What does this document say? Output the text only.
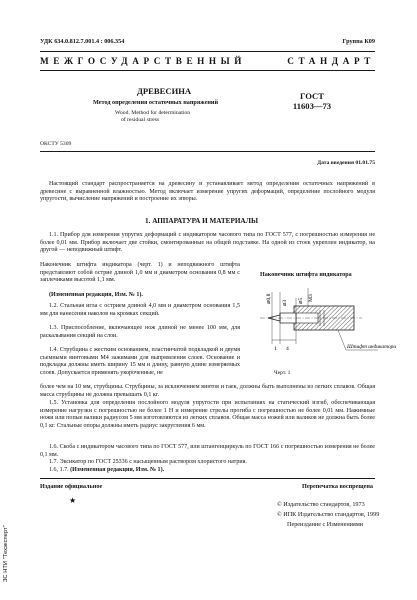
УДК 634.0.812.7.001.4 : 006.354	Группа К09
МЕЖГОСУДАРСТВЕННЫЙ СТАНДАРТ
ДРЕВЕСИНА
Метод определения остаточных напряжений
Wood. Method for determination
of residual stress
ГОСТ
11603—73
ОКСТУ 5309
Дата введения 01.01.75
Настоящий стандарт распространяется на древесину и устанавливает метод определения остаточных напряжений в древесине с выравненной влажностью. Метод включает измерение упругих деформаций, определение послойного модуля упругости, вычисление напряжений и построение их эпюры.
1. АППАРАТУРА И МАТЕРИАЛЫ
1.1. Прибор для измерения упругих деформаций с индикатором часового типа по ГОСТ 577, с погрешностью измерения не более 0,01 мм. Прибор включает две стойки, смонтированные на общей подставке. На одной из стоек укреплен индикатор, на другой — неподвижный штифт.
Наконечник штифта индикатора (черт. 1) и неподвижного штифта представляют собой острие длиной 1,0 мм и диаметром основания 0,8 мм с заплечиками высотой 1,1 мм.
(Измененная редакция, Изм. № 1).
1.2. Стальная игла с острием длиной 4,0 мм и диаметром основания 1,5 мм для нанесения наколов на кромках секций.
1.3. Приспособление, включающее нож длиной не менее 100 мм, для раскалывания секций на слои.
1.4. Струбцина с жестким основанием, пластинчатой подкладкой и двумя съемными винтовыми М4 зажимами для выпрямления слоев. Основание и подкладка должны иметь ширину 15 мм и длину, равную длине измеряемых слоев. Допускается применять укороченные, не
более чем на 10 мм, струбцины. Струбцины, за исключением винтов и гаек, должны быть выполнены из легких сплавов. Общая масса струбцины не должна превышать 0,1 кг.
Наконечник штифта индикатора
⌀0,8 ⌀3 ⌀5 М3
1 4	Штифт индикатора
Черт. 1
1.5. Установка для определения послойного модуля упругости при испытаниях на статический изгиб, обеспечивающая измерение нагрузки с погрешностью не более 1 Н и измерение стрелы прогиба с погрешностью не более 0,01 мм. Нажимные ножи или попые валики радиусом 5 мм изготовляются из легких сплавов. Общая масса ножей или валиков не должна быть более 0,1 кг. Стальные опоры должны иметь радиус закругления 6 мм.
1.6. Скоба с индикатором часового типа по ГОСТ 577, или штангенциркуль по ГОСТ 166 с погрешностью измерения не более 0,1 мм.
1.7. Эксикатор по ГОСТ 25336 с насыщенным раствором хлористого натрия.
1.6, 1.7. (Измененная редакция, Изм. № 1).
Издание официальное	Перепечатка воспрещена
★	© Издательство стандартов, 1973
© ИПК Издательство стандартов, 1999
Переиздание с Изменениями
ЗС НТИ "Техэксперт"
